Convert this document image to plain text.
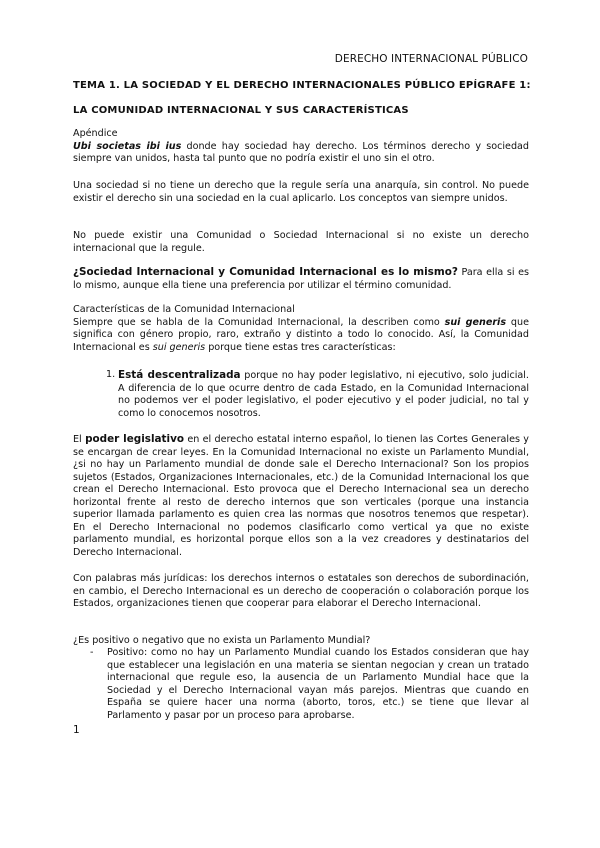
DERECHO INTERNACIONAL PÚBLICO
TEMA 1. LA SOCIEDAD Y EL DERECHO INTERNACIONALES PÚBLICO EPÍGRAFE 1:
LA COMUNIDAD INTERNACIONAL Y SUS CARACTERÍSTICAS

Apéndice

Ubi societas ibi ius donde hay sociedad hay derecho. Los términos derecho y sociedad siempre van unidos, hasta tal punto que no podría existir el uno sin el otro.

Una sociedad si no tiene un derecho que la regule sería una anarquía, sin control. No puede existir el derecho sin una sociedad en la cual aplicarlo. Los conceptos van siempre unidos.
No puede existir una Comunidad o Sociedad Internacional si no existe un derecho internacional que la regule.
¿Sociedad Internacional y Comunidad Internacional es lo mismo? Para ella si es lo mismo, aunque ella tiene una preferencia por utilizar el término comunidad.

Características de la Comunidad Internacional

Siempre que se habla de la Comunidad Internacional, la describen como sui generis que significa con género propio, raro, extraño y distinto a todo lo conocido. Así, la Comunidad Internacional es sui generis porque tiene estas tres características:

1. Está descentralizada porque no hay poder legislativo, ni ejecutivo, solo judicial. A diferencia de lo que ocurre dentro de cada Estado, en la Comunidad Internacional no podemos ver el poder legislativo, el poder ejecutivo y el poder judicial, no tal y como lo conocemos nosotros.
El poder legislativo en el derecho estatal interno español, lo tienen las Cortes Generales y se encargan de crear leyes. En la Comunidad Internacional no existe un Parlamento Mundial, ¿si no hay un Parlamento mundial de donde sale el Derecho Internacional? Son los propios sujetos (Estados, Organizaciones Internacionales, etc.) de la Comunidad Internacional los que crean el Derecho Internacional. Esto provoca que el Derecho Internacional sea un derecho horizontal frente al resto de derecho internos que son verticales (porque una instancia superior llamada parlamento es quien crea las normas que nosotros tenemos que respetar). En el Derecho Internacional no podemos clasificarlo como vertical ya que no existe parlamento mundial, es horizontal porque ellos son a la vez creadores y destinatarios del Derecho Internacional.
Con palabras más jurídicas: los derechos internos o estatales son derechos de subordinación, en cambio, el Derecho Internacional es un derecho de cooperación o colaboración porque los Estados, organizaciones tienen que cooperar para elaborar el Derecho Internacional.
¿Es positivo o negativo que no exista un Parlamento Mundial?
- Positivo: como no hay un Parlamento Mundial cuando los Estados consideran que hay que establecer una legislación en una materia se sientan negocian y crean un tratado internacional que regule eso, la ausencia de un Parlamento Mundial hace que la Sociedad y el Derecho Internacional vayan más parejos. Mientras que cuando en España se quiere hacer una norma (aborto, toros, etc.) se tiene que llevar al Parlamento y pasar por un proceso para aprobarse.
1
